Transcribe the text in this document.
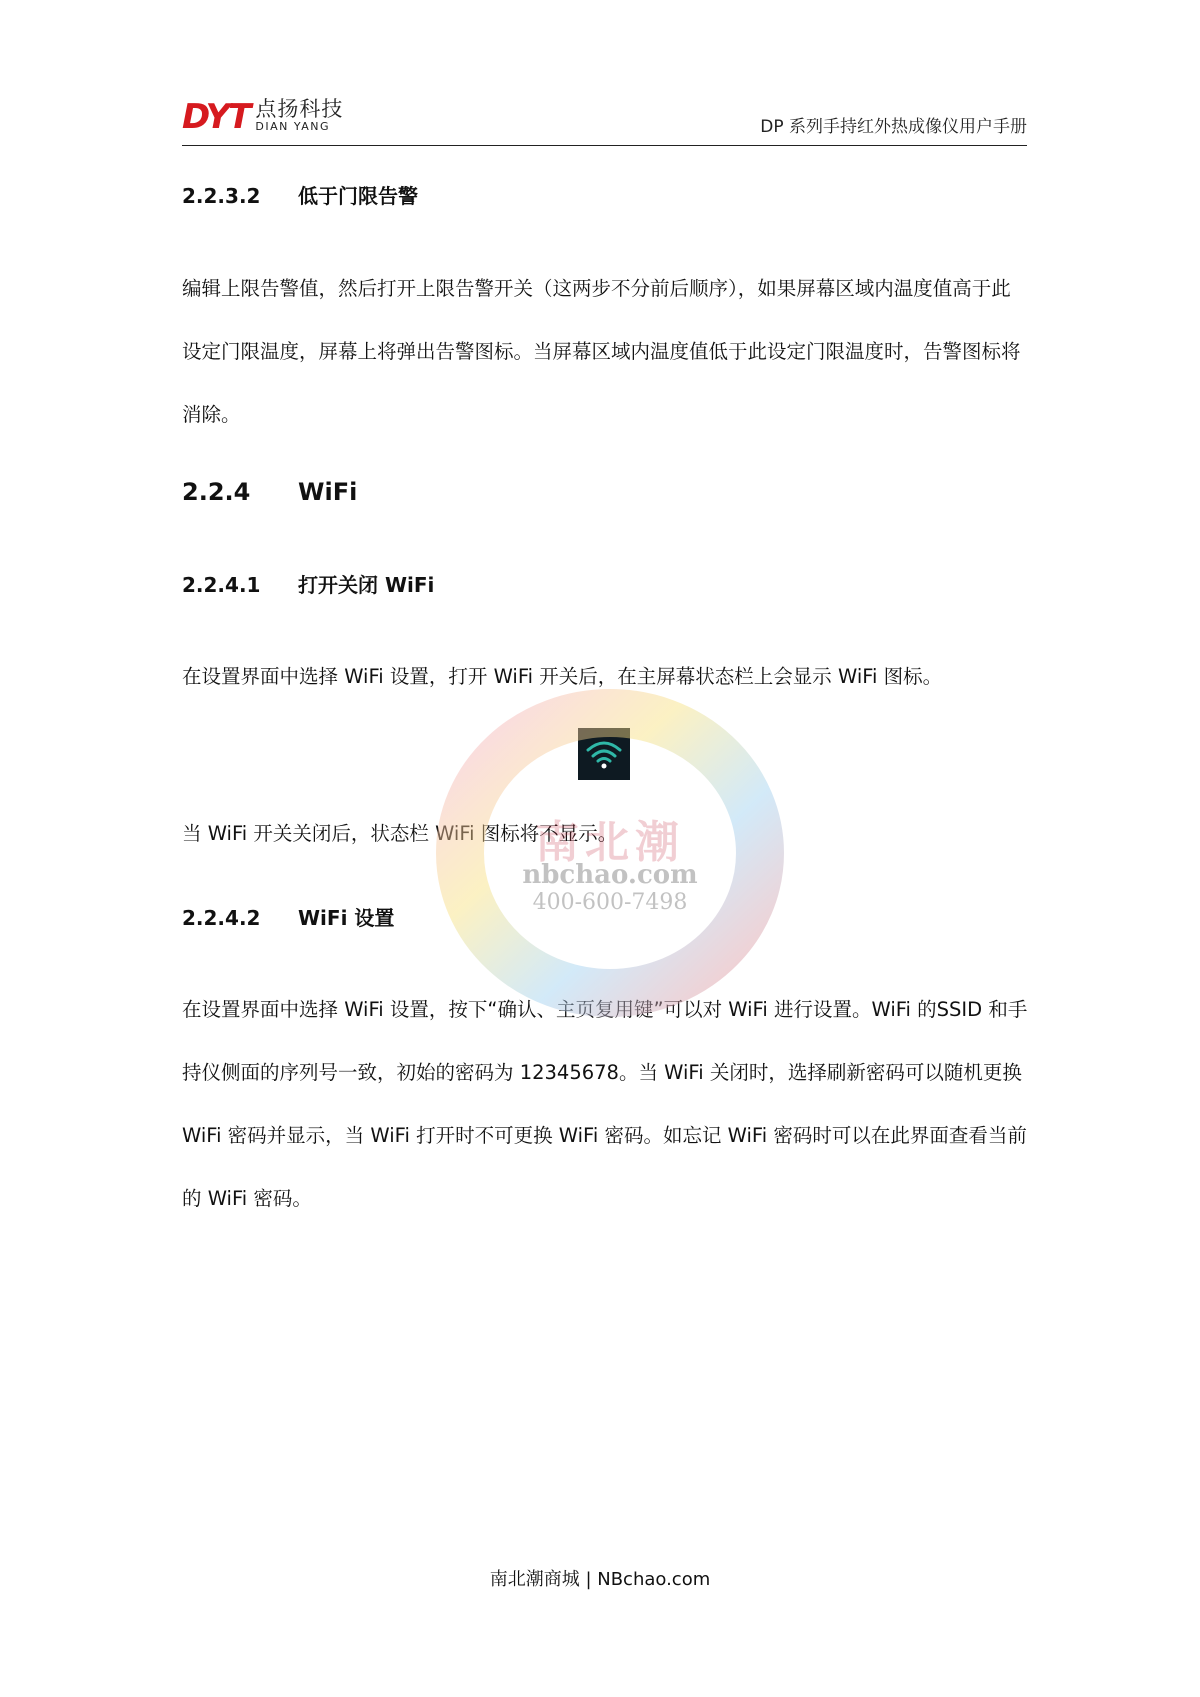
DYT 点扬科技
DIAN YANG	DP 系列手持红外热成像仪用户手册
2.2.3.2 低于门限告警

编辑上限告警值，然后打开上限告警开关（这两步不分前后顺序），如果屏幕区域内温度值高于此设定门限温度，屏幕上将弹出告警图标。当屏幕区域内温度值低于此设定门限温度时，告警图标将消除。

2.2.4 WiFi
2.2.4.1 打开关闭 WiFi

在设置界面中选择 WiFi 设置，打开 WiFi 开关后，在主屏幕状态栏上会显示 WiFi 图标。

当 WiFi 开关关闭后，状态栏 WiFi 图标将不显示。

2.2.4.2 WiFi 设置

在设置界面中选择 WiFi 设置，按下“确认、主页复用键”可以对 WiFi 进行设置。WiFi 的SSID 和手持仪侧面的序列号一致，初始的密码为 12345678。当 WiFi 关闭时，选择刷新密码可以随机更换 WiFi 密码并显示，当 WiFi 打开时不可更换 WiFi 密码。如忘记 WiFi 密码时可以在此界面查看当前的 WiFi 密码。

南北潮
nbchao.com
400-600-7498
南北潮商城 | NBchao.com
